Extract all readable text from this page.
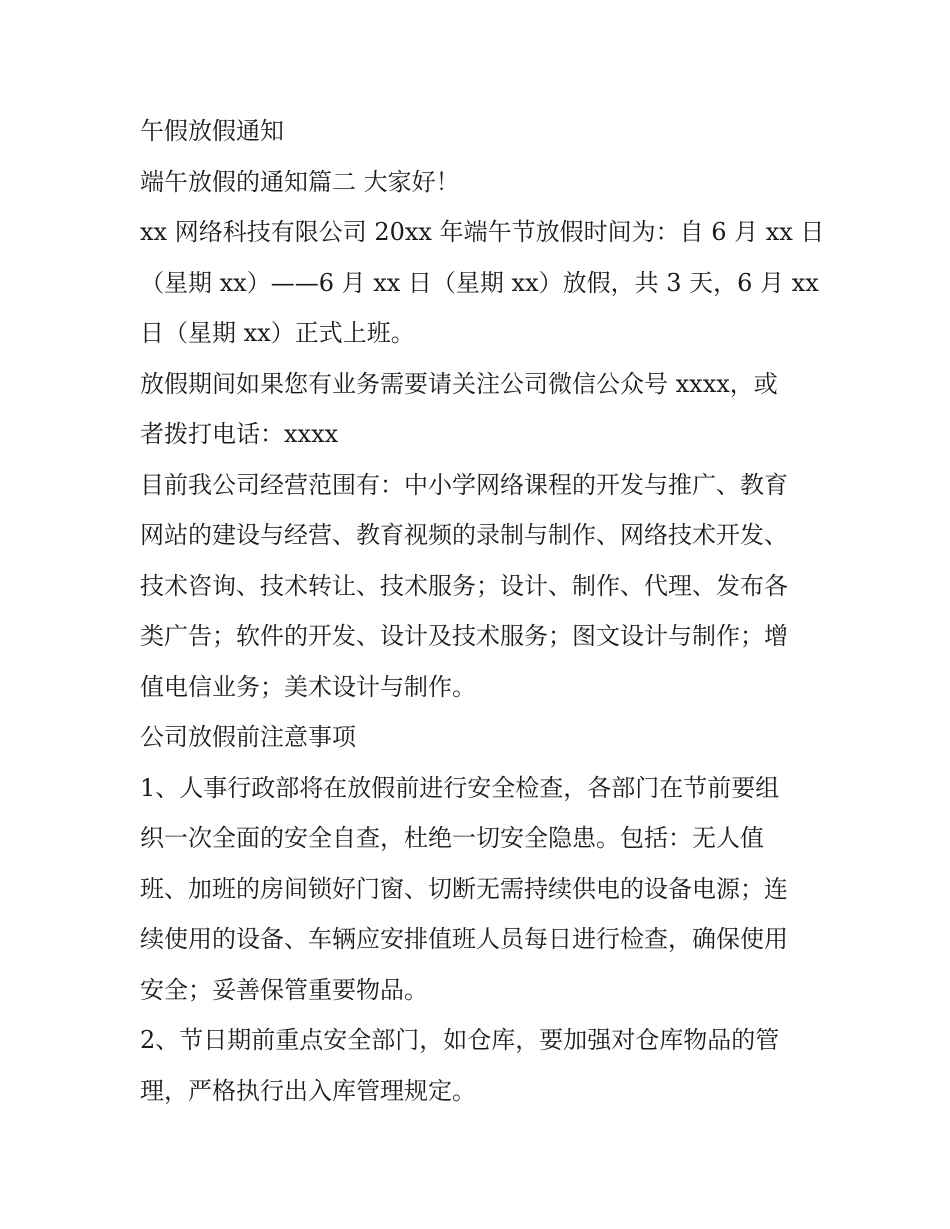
午假放假通知
端午放假的通知篇二 大家好！
xx 网络科技有限公司 20xx 年端午节放假时间为：自 6 月 xx 日
（星期 xx）——6 月 xx 日（星期 xx）放假，共 3 天，6 月 xx
日（星期 xx）正式上班。
放假期间如果您有业务需要请关注公司微信公众号 xxxx，或
者拨打电话：xxxx
目前我公司经营范围有：中小学网络课程的开发与推广、教育
网站的建设与经营、教育视频的录制与制作、网络技术开发、
技术咨询、技术转让、技术服务；设计、制作、代理、发布各
类广告；软件的开发、设计及技术服务；图文设计与制作；增
值电信业务；美术设计与制作。
公司放假前注意事项
1、人事行政部将在放假前进行安全检查，各部门在节前要组
织一次全面的安全自查，杜绝一切安全隐患。包括：无人值
班、加班的房间锁好门窗、切断无需持续供电的设备电源；连
续使用的设备、车辆应安排值班人员每日进行检查，确保使用
安全；妥善保管重要物品。
2、节日期前重点安全部门，如仓库，要加强对仓库物品的管
理，严格执行出入库管理规定。
